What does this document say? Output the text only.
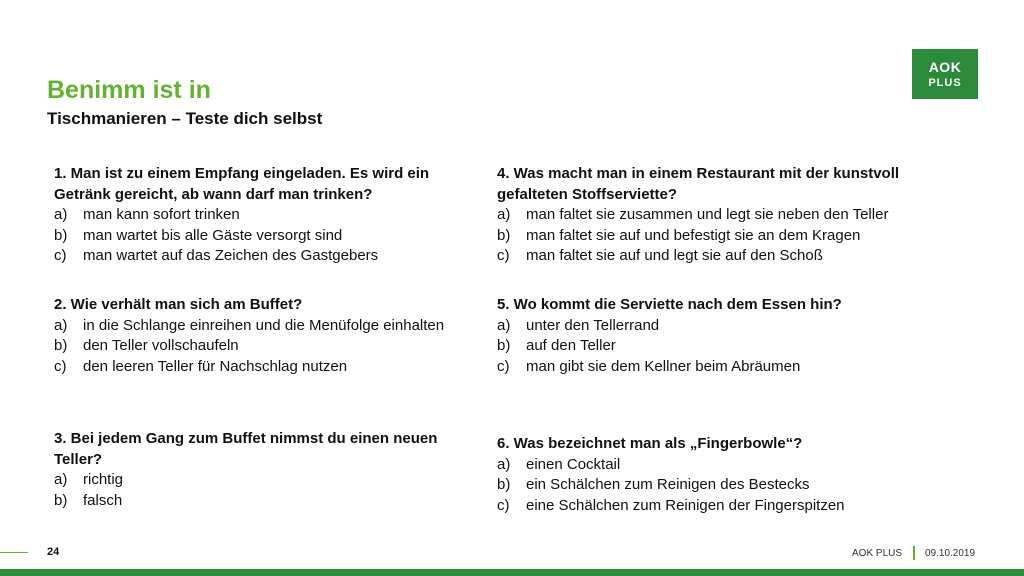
Benimm ist in
Tischmanieren – Teste dich selbst
AOK
PLUS

1. Man ist zu einem Empfang eingeladen. Es wird ein Getränk gereicht, ab wann darf man trinken?

a)	man kann sofort trinken

b)	man wartet bis alle Gäste versorgt sind

c)	man wartet auf das Zeichen des Gastgebers

2. Wie verhält man sich am Buffet?

a)	in die Schlange einreihen und die Menüfolge einhalten

b)	den Teller vollschaufeln

c)	den leeren Teller für Nachschlag nutzen

3. Bei jedem Gang zum Buffet nimmst du einen neuen Teller?

a)	richtig

b)	falsch

4. Was macht man in einem Restaurant mit der kunstvoll gefalteten Stoffserviette?

a)	man faltet sie zusammen und legt sie neben den Teller

b)	man faltet sie auf und befestigt sie an dem Kragen

c)	man faltet sie auf und legt sie auf den Schoß

5. Wo kommt die Serviette nach dem Essen hin?

a)	unter den Tellerrand

b)	auf den Teller

c)	man gibt sie dem Kellner beim Abräumen

6. Was bezeichnet man als „Fingerbowle“?

a)	einen Cocktail

b)	ein Schälchen zum Reinigen des Bestecks

c)	eine Schälchen zum Reinigen der Fingerspitzen

24	AOK PLUS 09.10.2019
